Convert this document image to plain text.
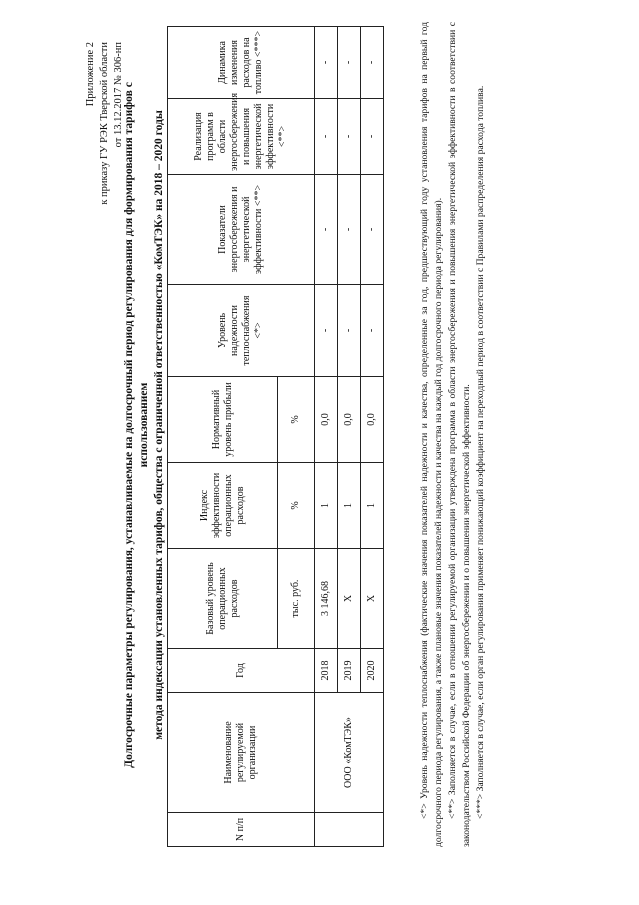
Приложение 2 к приказу ГУ РЭК Тверской области от 13.12.2017 № 306-нп Долгосрочные параметры регулирования, устанавливаемые на долгосрочный период регулирования для формирования тарифов с использованием метода индексации установленных тарифов, общества с ограниченной ответственностью «КомТЭК» на 2018 – 2020 годы
N п/п	Наименование регулируемой организации	Год	Базовый уровень операционных расходов	Индекс эффективности операционных расходов	Нормативный уровень прибыли	Уровень надежности теплоснабжения <*>	Показатели энергосбережения и энергетической эффективности <**>	Реализация программ в области энергосбережения и повышения энергетической эффективности <**>	Динамика изменения расходов на топливо <***>
			тыс. руб.	%	%				
	ООО «КомТЭК»	2018	3 146,68	1	0,0	-	-	-	-
		2019	Х	1	0,0	-	-	-	-
		2020	Х	1	0,0	-	-	-	-	<*> Уровень надежности теплоснабжения (фактические значения показателей надежности и качества, определенные за год, предшествующий году установления тарифов на первый год долгосрочного периода регулирования, а также плановые значения показателей надежности и качества на каждый год долгосрочного периода регулирования). <**> Заполняется в случае, если в отношении регулируемой организации утверждена программа в области энергосбережения и повышения энергетической эффективности в соответствии с законодательством Российской Федерации об энергосбережении и о повышении энергетической эффективности. <***> Заполняется в случае, если орган регулирования применяет понижающий коэффициент на переходный период в соответствии с Правилами распределения расхода топлива.
